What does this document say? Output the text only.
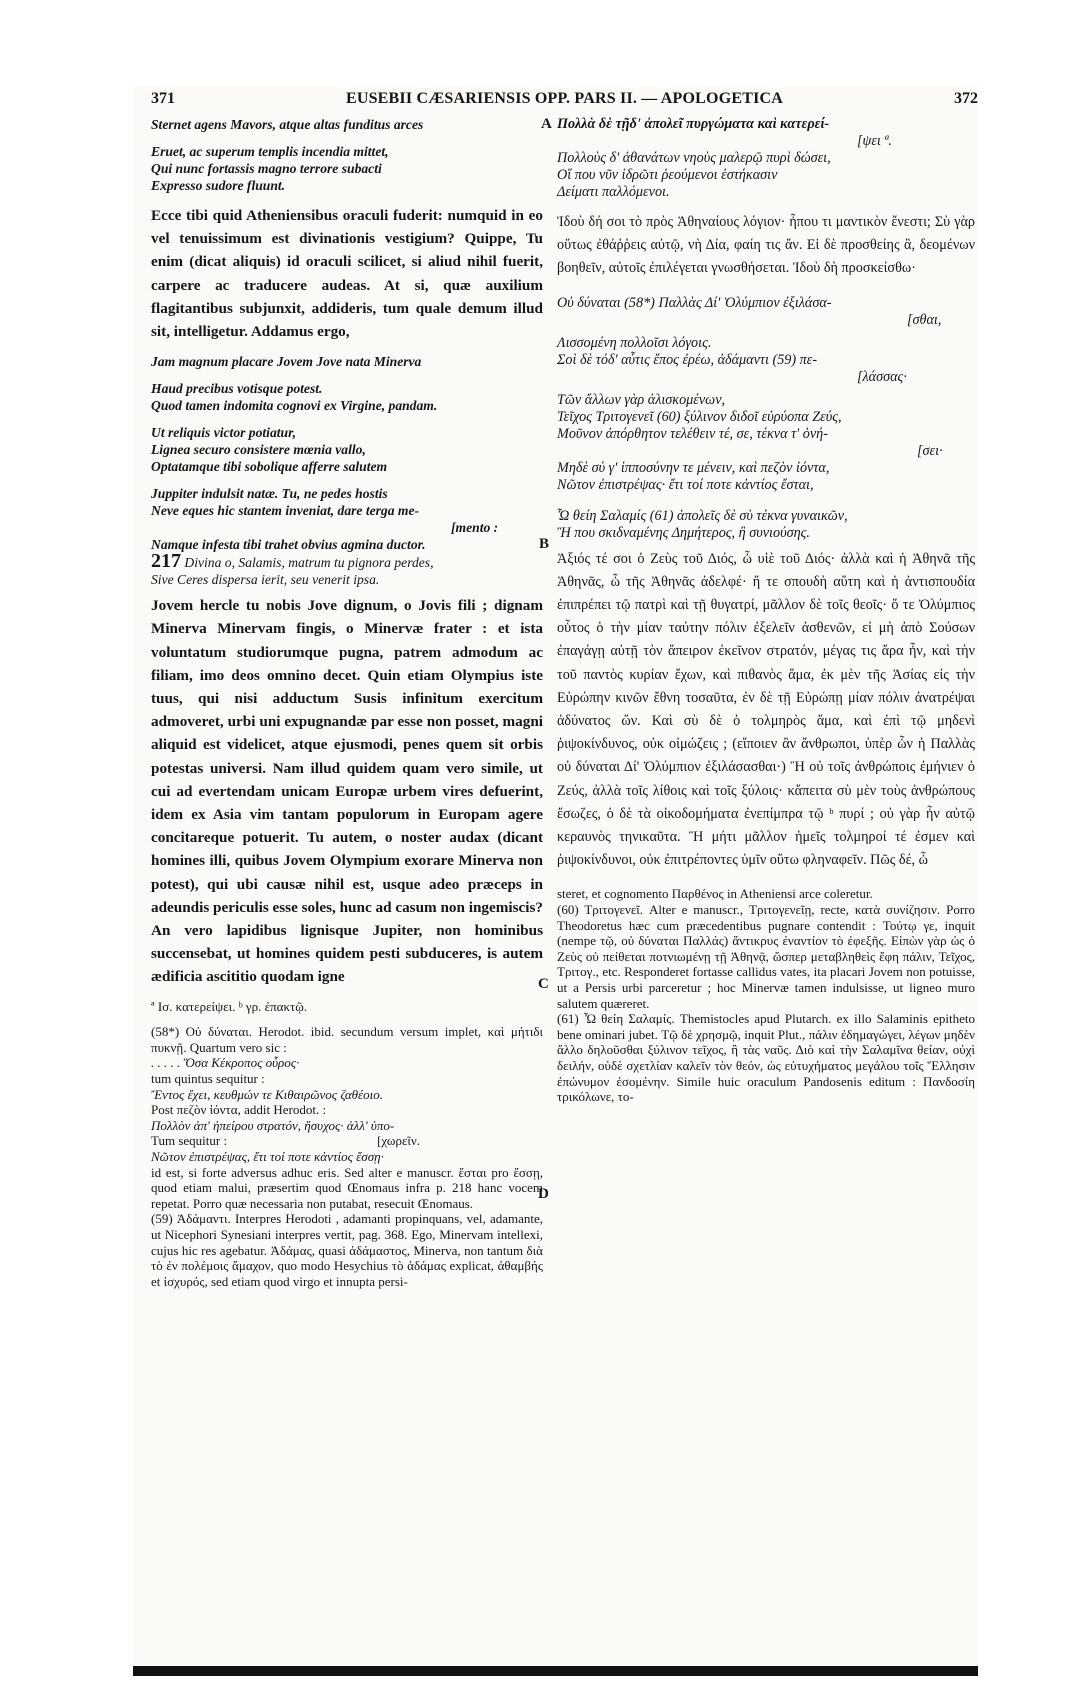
371	EUSEBII CÆSARIENSIS OPP. PARS II. — APOLOGETICA	372
A
B
C
D
Sternet agens Mavors, atque altas funditus arces
Eruet, ac superum templis incendia mittet,
Qui nunc fortassis magno terrore subacti
Expresso sudore fluunt.

Ecce tibi quid Atheniensibus oraculi fuderit: numquid in eo vel tenuissimum est divinationis vestigium? Quippe, Tu enim (dicat aliquis) id oraculi scilicet, si aliud nihil fuerit, carpere ac traducere audeas. At si, quæ auxilium flagitantibus subjunxit, addideris, tum quale demum illud sit, intelligetur. Addamus ergo,

Jam magnum placare Jovem Jove nata Minerva
Haud precibus votisque potest.
Quod tamen indomita cognovi ex Virgine, pandam.
Ut reliquis victor potiatur,
Lignea securo consistere mœnia vallo,
Optatamque tibi sobolique afferre salutem
Juppiter indulsit natæ. Tu, ne pedes hostis
Neve eques hic stantem inveniat, dare terga me-
[mento :
Namque infesta tibi trahet obvius agmina ductor.
217 Divina o, Salamis, matrum tu pignora perdes,
Sive Ceres dispersa ierit, seu venerit ipsa.

Jovem hercle tu nobis Jove dignum, o Jovis fili ; dignam Minerva Minervam fingis, o Minervæ frater : et ista voluntatum studiorumque pugna, patrem admodum ac filiam, imo deos omnino decet. Quin etiam Olympius iste tuus, qui nisi adductum Susis infinitum exercitum admoveret, urbi uni expugnandæ par esse non posset, magni aliquid est videlicet, atque ejusmodi, penes quem sit orbis potestas universi. Nam illud quidem quam vero simile, ut cui ad evertendam unicam Europæ urbem vires defuerint, idem ex Asia vim tantam populorum in Europam agere concitareque potuerit. Tu autem, o noster audax (dicant homines illi, quibus Jovem Olympium exorare Minerva non potest), qui ubi causæ nihil est, usque adeo præceps in adeundis periculis esse soles, hunc ad casum non ingemiscis? An vero lapidibus lignisque Jupiter, non hominibus succensebat, ut homines quidem pesti subduceres, is autem ædificia ascititio quodam igne

ª Ισ. κατερείψει. ᵇ γρ. ἐπακτῷ.

(58*) Οὐ δύναται. Herodot. ibid. secundum versum implet, καὶ μήτιδι πυκνῇ. Quartum vero sic :

. . . . . Ὅσα Κέκροπος οὖρος·

tum quintus sequitur :

Ἔντος ἔχει, κευθμών τε Κιθαιρῶνος ζαθέοιο.

Post πεζὸν ἰόντα, addit Herodot. :

Πολλὸν ἀπ' ἠπείρου στρατόν, ἥσυχος· ἀλλ' ὑπο-

Tum sequitur :	[χωρεῖν.

Νῶτον ἐπιστρέψας, ἔτι τοί ποτε κἀντίος ἔσσῃ·

id est, si forte adversus adhuc eris. Sed alter e manuscr. ἔσται pro ἔσσῃ, quod etiam malui, præsertim quod Œnomaus infra p. 218 hanc vocem repetat. Porro quæ necessaria non putabat, resecuit Œnomaus.

(59) Ἀδάμαντι. Interpres Herodoti , adamanti propinquans, vel, adamante, ut Nicephori Synesiani interpres vertit, pag. 368. Ego, Minervam intellexi, cujus hic res agebatur. Ἀδάμας, quasi ἀδάμαστος, Minerva, non tantum διὰ τὸ ἐν πολέμοις ἄμαχον, quo modo Hesychius τὸ ἀδάμας explicat, ἀθαμβής et ἰσχυρός, sed etiam quod virgo et innupta persi-

Πολλὰ δὲ τῇδ' ἀπολεῖ πυργώματα καὶ κατερεί-
[ψει ª.
Πολλοὺς δ' ἀθανάτων νηοὺς μαλερῷ πυρὶ δώσει,
Οἵ που νῦν ἱδρῶτι ῥεούμενοι ἑστήκασιν
Δείματι παλλόμενοι.

Ἰδοὺ δή σοι τὸ πρὸς Ἀθηναίους λόγιον· ἦπου τι μαντικὸν ἔνεστι; Σὺ γὰρ οὕτως ἐθάῤῥεις αὐτῷ, νὴ Δία, φαίη τις ἄν. Εἰ δὲ προσθείης ἃ, δεομένων βοηθεῖν, αὐτοῖς ἐπιλέγεται γνωσθήσεται. Ἰδοὺ δὴ προσκείσθω·

Οὐ δύναται (58*) Παλλὰς Δί' Ὀλύμπιον ἐξιλάσα-
[σθαι,
Λισσομένη πολλοῖσι λόγοις.
Σοὶ δὲ τόδ' αὖτις ἔπος ἐρέω, ἀδάμαντι (59) πε-
[λάσσας·
Τῶν ἄλλων γὰρ ἁλισκομένων,
Τεῖχος Τριτογενεῖ (60) ξύλινον διδοῖ εὐρύοπα Ζεύς,
Μοῦνον ἀπόρθητον τελέθειν τέ, σε, τέκνα τ' ὀνή-
[σει·
Μηδὲ σύ γ' ἱπποσύνην τε μένειν, καὶ πεζὸν ἰόντα,
Νῶτον ἐπιστρέψας· ἔτι τοί ποτε κἀντίος ἔσται,
Ὦ θείη Σαλαμίς (61) ἀπολεῖς δὲ σὺ τέκνα γυναικῶν,
Ἢ που σκιδναμένης Δημήτερος, ἢ συνιούσης.

Ἀξιός τέ σοι ὁ Ζεὺς τοῦ Διός, ὦ υἱὲ τοῦ Διός· ἀλλὰ καὶ ἡ Ἀθηνᾶ τῆς Ἀθηνᾶς, ὦ τῆς Ἀθηνᾶς ἀδελφέ· ἥ τε σπουδὴ αὕτη καὶ ἡ ἀντισπουδία ἐπιπρέπει τῷ πατρὶ καὶ τῇ θυγατρί, μᾶλλον δὲ τοῖς θεοῖς· ὅ τε Ὀλύμπιος οὗτος ὁ τὴν μίαν ταύτην πόλιν ἐξελεῖν ἀσθενῶν, εἰ μὴ ἀπὸ Σούσων ἐπαγάγῃ αὐτῇ τὸν ἄπειρον ἐκεῖνον στρατόν, μέγας τις ἄρα ἦν, καὶ τὴν τοῦ παντὸς κυρίαν ἔχων, καὶ πιθανὸς ἅμα, ἐκ μὲν τῆς Ἀσίας εἰς τὴν Εὐρώπην κινῶν ἔθνη τοσαῦτα, ἐν δὲ τῇ Εὐρώπῃ μίαν πόλιν ἀνατρέψαι ἀδύνατος ὤν. Καὶ σὺ δὲ ὁ τολμηρὸς ἅμα, καὶ ἐπὶ τῷ μηδενὶ ῥιψοκίνδυνος, οὐκ οἰμώζεις ; (εἴποιεν ἂν ἄνθρωποι, ὑπὲρ ὧν ἡ Παλλὰς οὐ δύναται Δί' Ὀλύμπιον ἐξιλάσασθαι·) Ἢ οὐ τοῖς ἀνθρώποις ἐμήνιεν ὁ Ζεύς, ἀλλὰ τοῖς λίθοις καὶ τοῖς ξύλοις· κἄπειτα σὺ μὲν τοὺς ἀνθρώπους ἔσωζες, ὁ δὲ τὰ οἰκοδομήματα ἐνεπίμπρα τῷ ᵇ πυρί ; οὐ γὰρ ἦν αὐτῷ κεραυνὸς τηνικαῦτα. Ἢ μήτι μᾶλλον ἡμεῖς τολμηροί τέ ἐσμεν καὶ ῥιψοκίνδυνοι, οὐκ ἐπιτρέποντες ὑμῖν οὕτω φληναφεῖν. Πῶς δέ, ὦ

steret, et cognomento Παρθένος in Atheniensi arce coleretur.

(60) Τριτογενεῖ. Alter e manuscr., Τριτογενεῖῃ, recte, κατὰ συνίζησιν. Porro Theodoretus hæc cum præcedentibus pugnare contendit : Τούτῳ γε, inquit (nempe τῷ, οὐ δύναται Παλλάς) ἄντικρυς ἐναντίον τὸ ἐφεξῆς. Εἰπὼν γὰρ ὡς ὁ Ζεὺς οὐ πείθεται ποτνιωμένῃ τῇ Ἀθηνᾷ, ὥσπερ μεταβληθεὶς ἔφη πάλιν, Τεῖχος, Τριτογ., etc. Responderet fortasse callidus vates, ita placari Jovem non potuisse, ut a Persis urbi parceretur ; hoc Minervæ tamen indulsisse, ut ligneo muro salutem quæreret.

(61) Ὦ θείη Σαλαμίς. Themistocles apud Plutarch. ex illo Salaminis epitheto bene ominari jubet. Τῷ δὲ χρησμῷ, inquit Plut., πάλιν ἐδημαγώγει, λέγων μηδὲν ἄλλο δηλοῦσθαι ξύλινον τεῖχος, ἢ τὰς ναῦς. Διὸ καὶ τὴν Σαλαμῖνα θείαν, οὐχὶ δειλήν, οὐδὲ σχετλίαν καλεῖν τὸν θεόν, ὡς εὐτυχήματος μεγάλου τοῖς Ἕλλησιν ἐπώνυμον ἐσομένην. Simile huic oraculum Pandosenis editum : Πανδοσίη τρικόλωνε, το-
